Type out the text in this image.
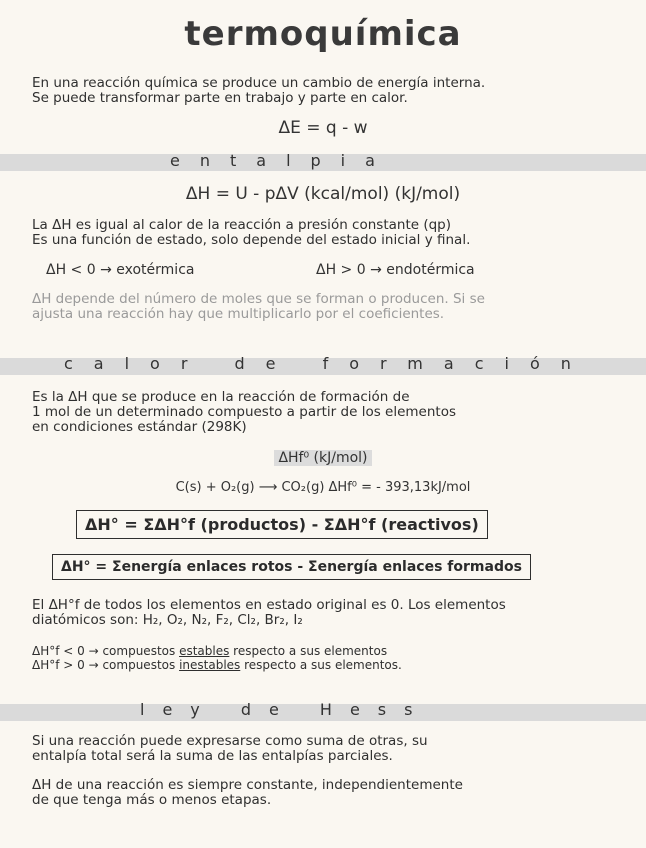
termoquímica
En una reacción química se produce un cambio de energía interna.
Se puede transformar parte en trabajo y parte en calor.
ΔE = q - w
entalpia
ΔH = U - pΔV (kcal/mol) (kJ/mol)
La ΔH es igual al calor de la reacción a presión constante (qp)
Es una función de estado, solo depende del estado inicial y final.
ΔH < 0 → exotérmica	ΔH > 0 → endotérmica
ΔH depende del número de moles que se forman o producen. Si se
ajusta una reacción hay que multiplicarlo por el coeficientes.
calor de formación
Es la ΔH que se produce en la reacción de formación de
1 mol de un determinado compuesto a partir de los elementos
en condiciones estándar (298K)
ΔHf⁰ (kJ/mol)
C(s) + O₂(g) ⟶ CO₂(g) ΔHf⁰ = - 393,13kJ/mol
ΔH° = ΣΔH°f (productos) - ΣΔH°f (reactivos)
ΔH° = Σenergía enlaces rotos - Σenergía enlaces formados
El ΔH°f de todos los elementos en estado original es 0. Los elementos
diatómicos son: H₂, O₂, N₂, F₂, Cl₂, Br₂, I₂
ΔH°f < 0 → compuestos estables respecto a sus elementos
ΔH°f > 0 → compuestos inestables respecto a sus elementos.
ley de Hess
Si una reacción puede expresarse como suma de otras, su
entalpía total será la suma de las entalpías parciales.
ΔH de una reacción es siempre constante, independientemente
de que tenga más o menos etapas.
